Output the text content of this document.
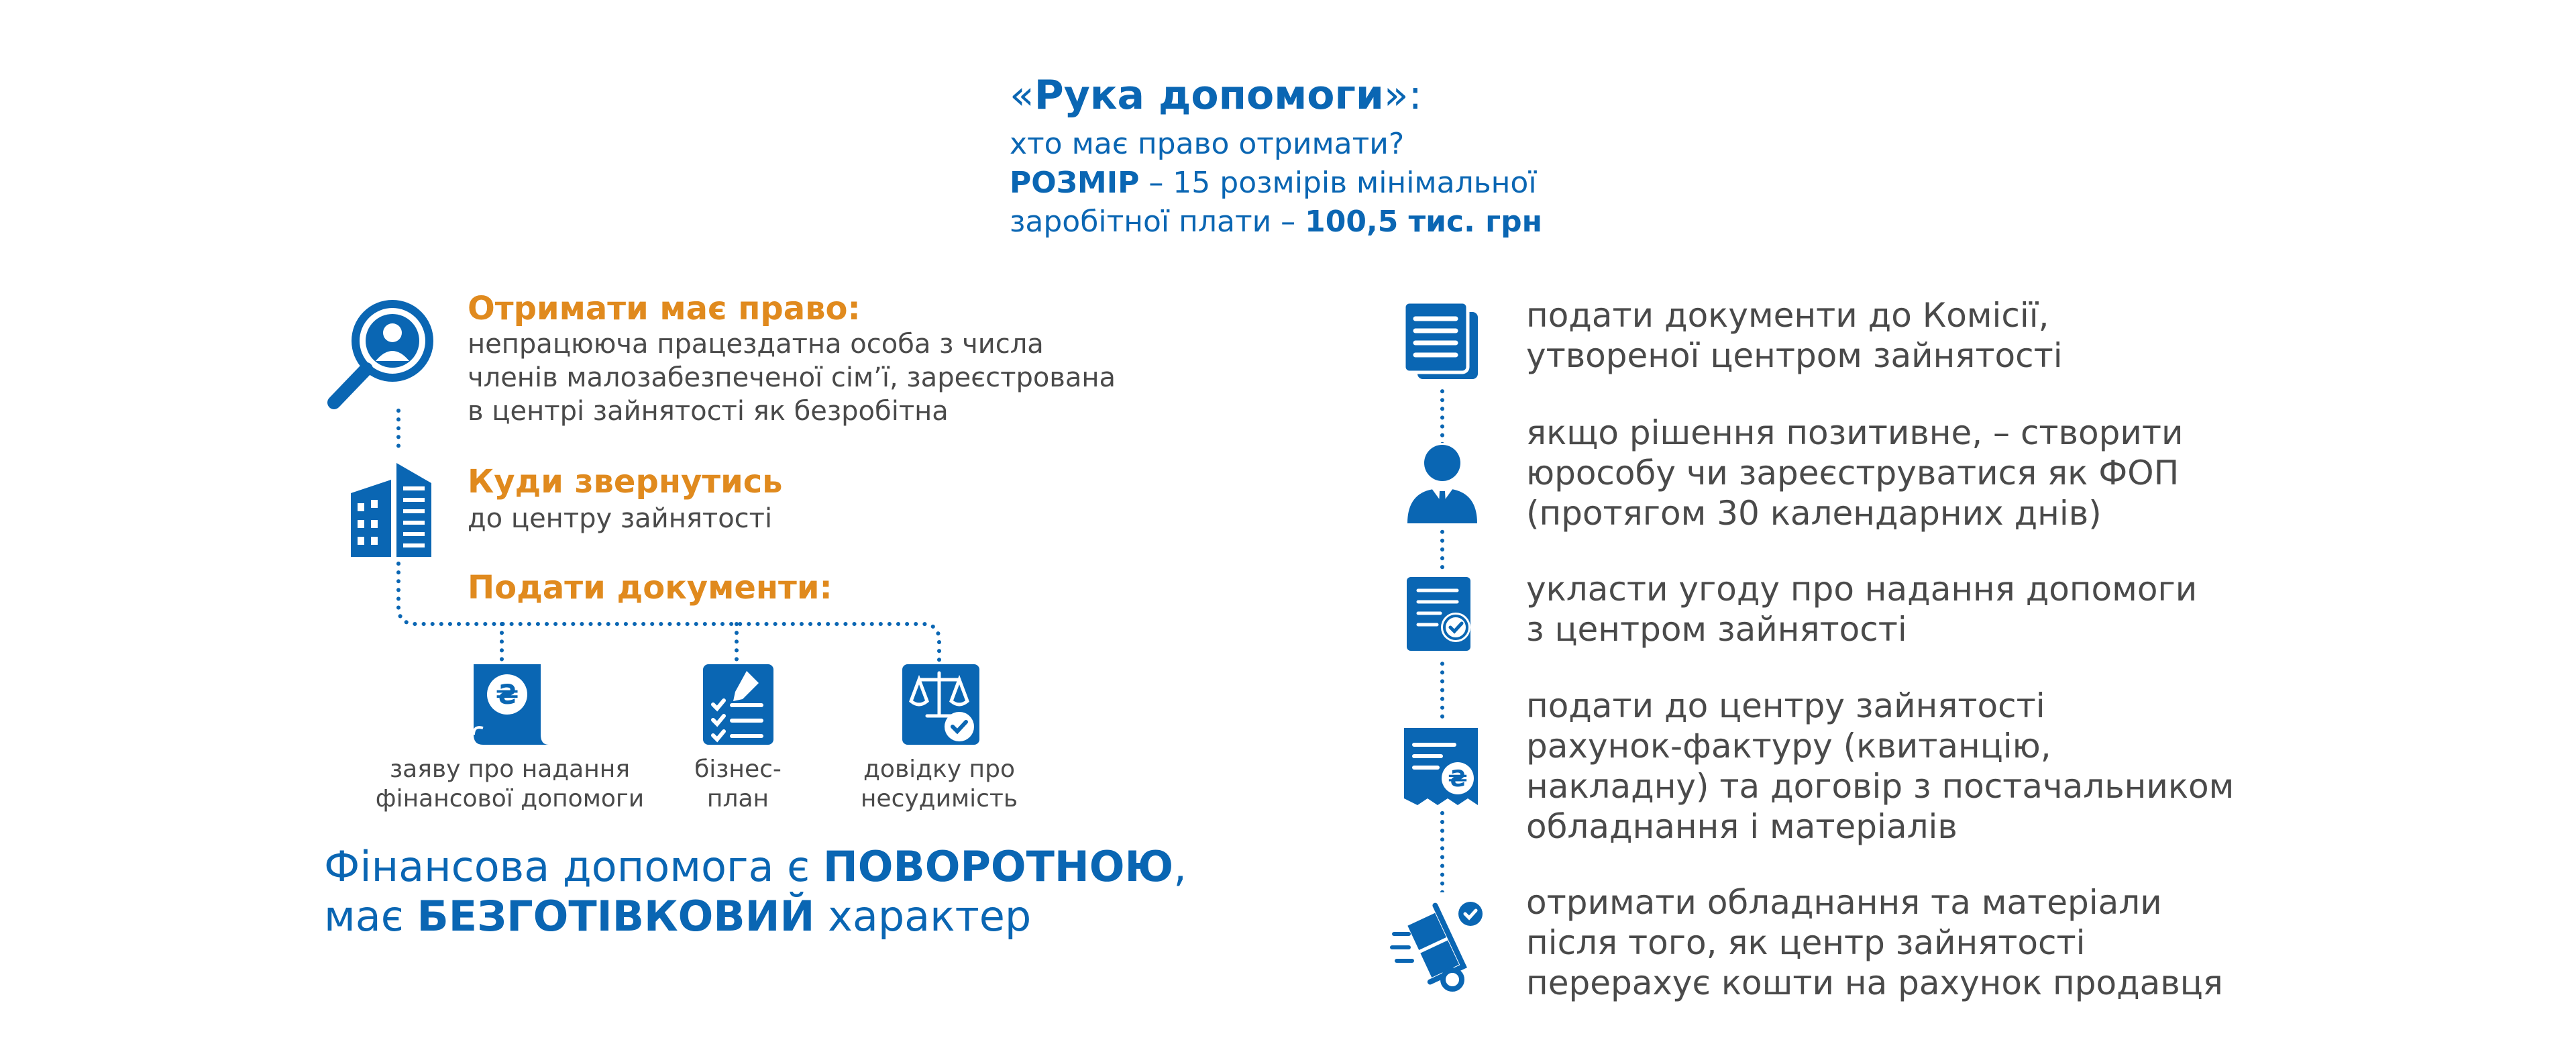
«Рука допомоги»:
хто має право отримати?
РОЗМІР – 15 розмірів мінімальної
заробітної плати – 100,5 тис. грн
Отримати має право:
непрацююча працездатна особа з числа
членів малозабезпеченої сім’ї, зареєстрована
в центрі зайнятості як безробітна
Куди звернутись
до центру зайнятості
Подати документи:
₴
заяву про надання
фінансової допомоги
бізнес-
план
довідку про
несудимість
Фінансова допомога є ПОВОРОТНОЮ,
має БЕЗГОТІВКОВИЙ характер
подати документи до Комісії,
утвореної центром зайнятості
якщо рішення позитивне, – створити
юрособу чи зареєструватися як ФОП
(протягом 30 календарних днів)
укласти угоду про надання допомоги
з центром зайнятості
₴
подати до центру зайнятості
рахунок-фактуру (квитанцію,
накладну) та договір з постачальником
обладнання і матеріалів
отримати обладнання та матеріали
після того, як центр зайнятості
перерахує кошти на рахунок продавця
